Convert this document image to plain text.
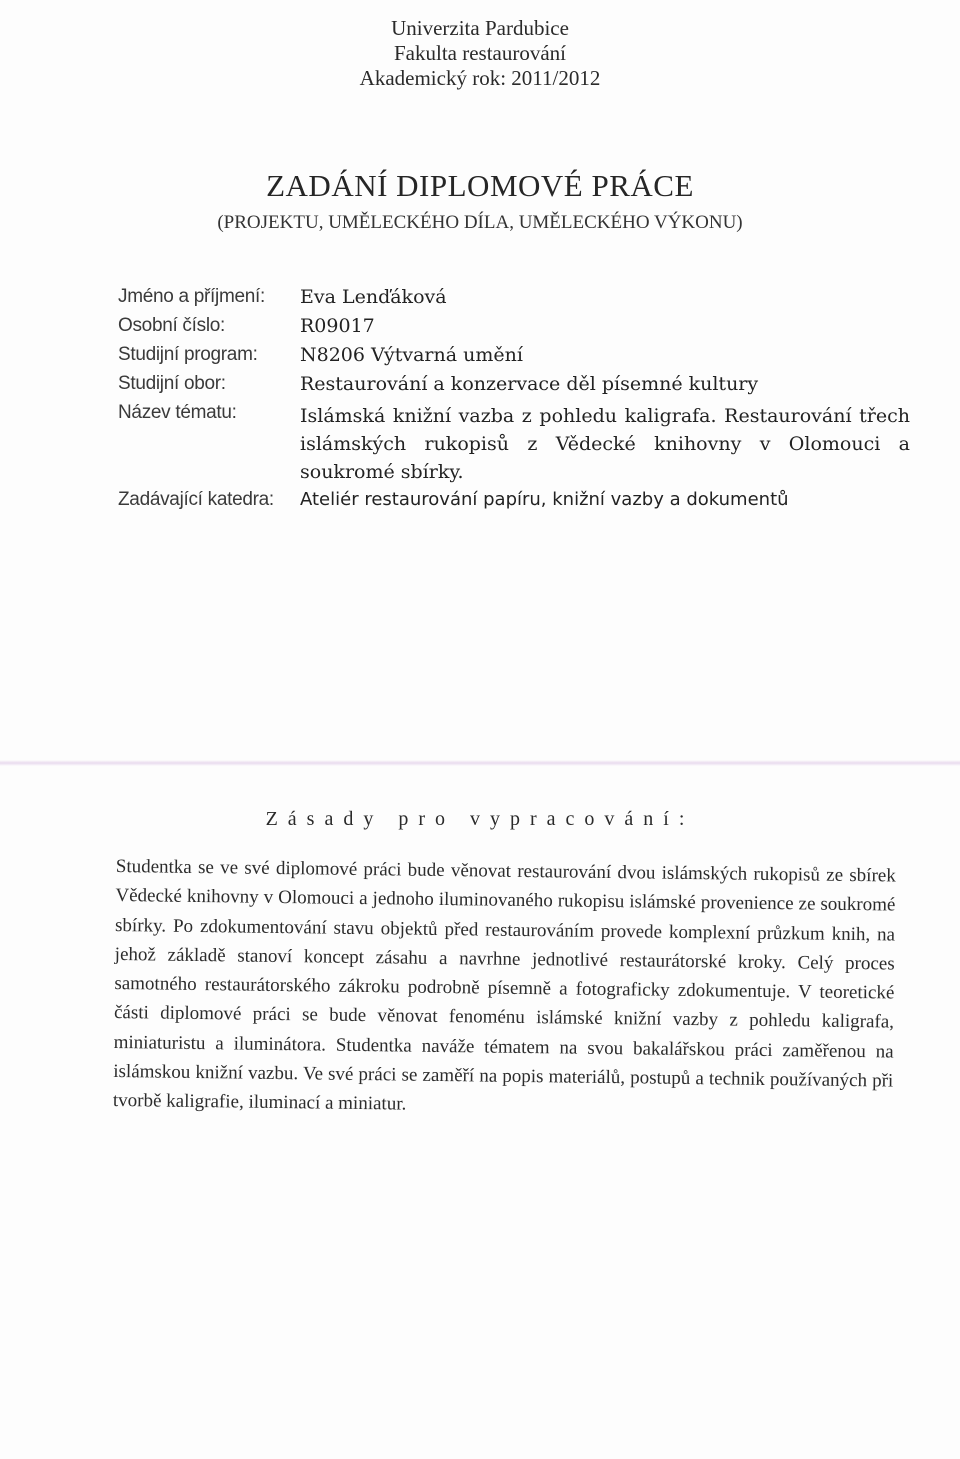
Univerzita Pardubice
Fakulta restaurování
Akademický rok: 2011/2012
ZADÁNÍ DIPLOMOVÉ PRÁCE
(PROJEKTU, UMĚLECKÉHO DÍLA, UMĚLECKÉHO VÝKONU)
Jméno a příjmení: Eva Lenďáková
Osobní číslo:	R09017
Studijní program: N8206 Výtvarná umění
Studijní obor:	Restaurování a konzervace děl písemné kultury
Název tématu:	Islámská knižní vazba z pohledu kaligrafa. Restaurování třech islámských rukopisů z Vědecké knihovny v Olomouci a soukromé sbírky.
Zadávající katedra: Ateliér restaurování papíru, knižní vazby a dokumentů
Zásady pro vypracování:
Studentka se ve své diplomové práci bude věnovat restaurování dvou islámských rukopisů ze sbírek Vědecké knihovny v Olomouci a jednoho iluminovaného rukopisu islámské provenience ze soukromé sbírky. Po zdokumentování stavu objektů před restaurováním provede komplexní průzkum knih, na jehož základě stanoví koncept zásahu a navrhne jednotlivé restaurátorské kroky. Celý proces samotného restaurátorského zákroku podrobně písemně a fotograficky zdokumentuje. V teoretické části diplomové práci se bude věnovat fenoménu islámské knižní vazby z pohledu kaligrafa, miniaturistu a iluminátora. Studentka naváže tématem na svou bakalářskou práci zaměřenou na islámskou knižní vazbu. Ve své práci se zaměří na popis materiálů, postupů a technik používaných při tvorbě kaligrafie, iluminací a miniatur.
